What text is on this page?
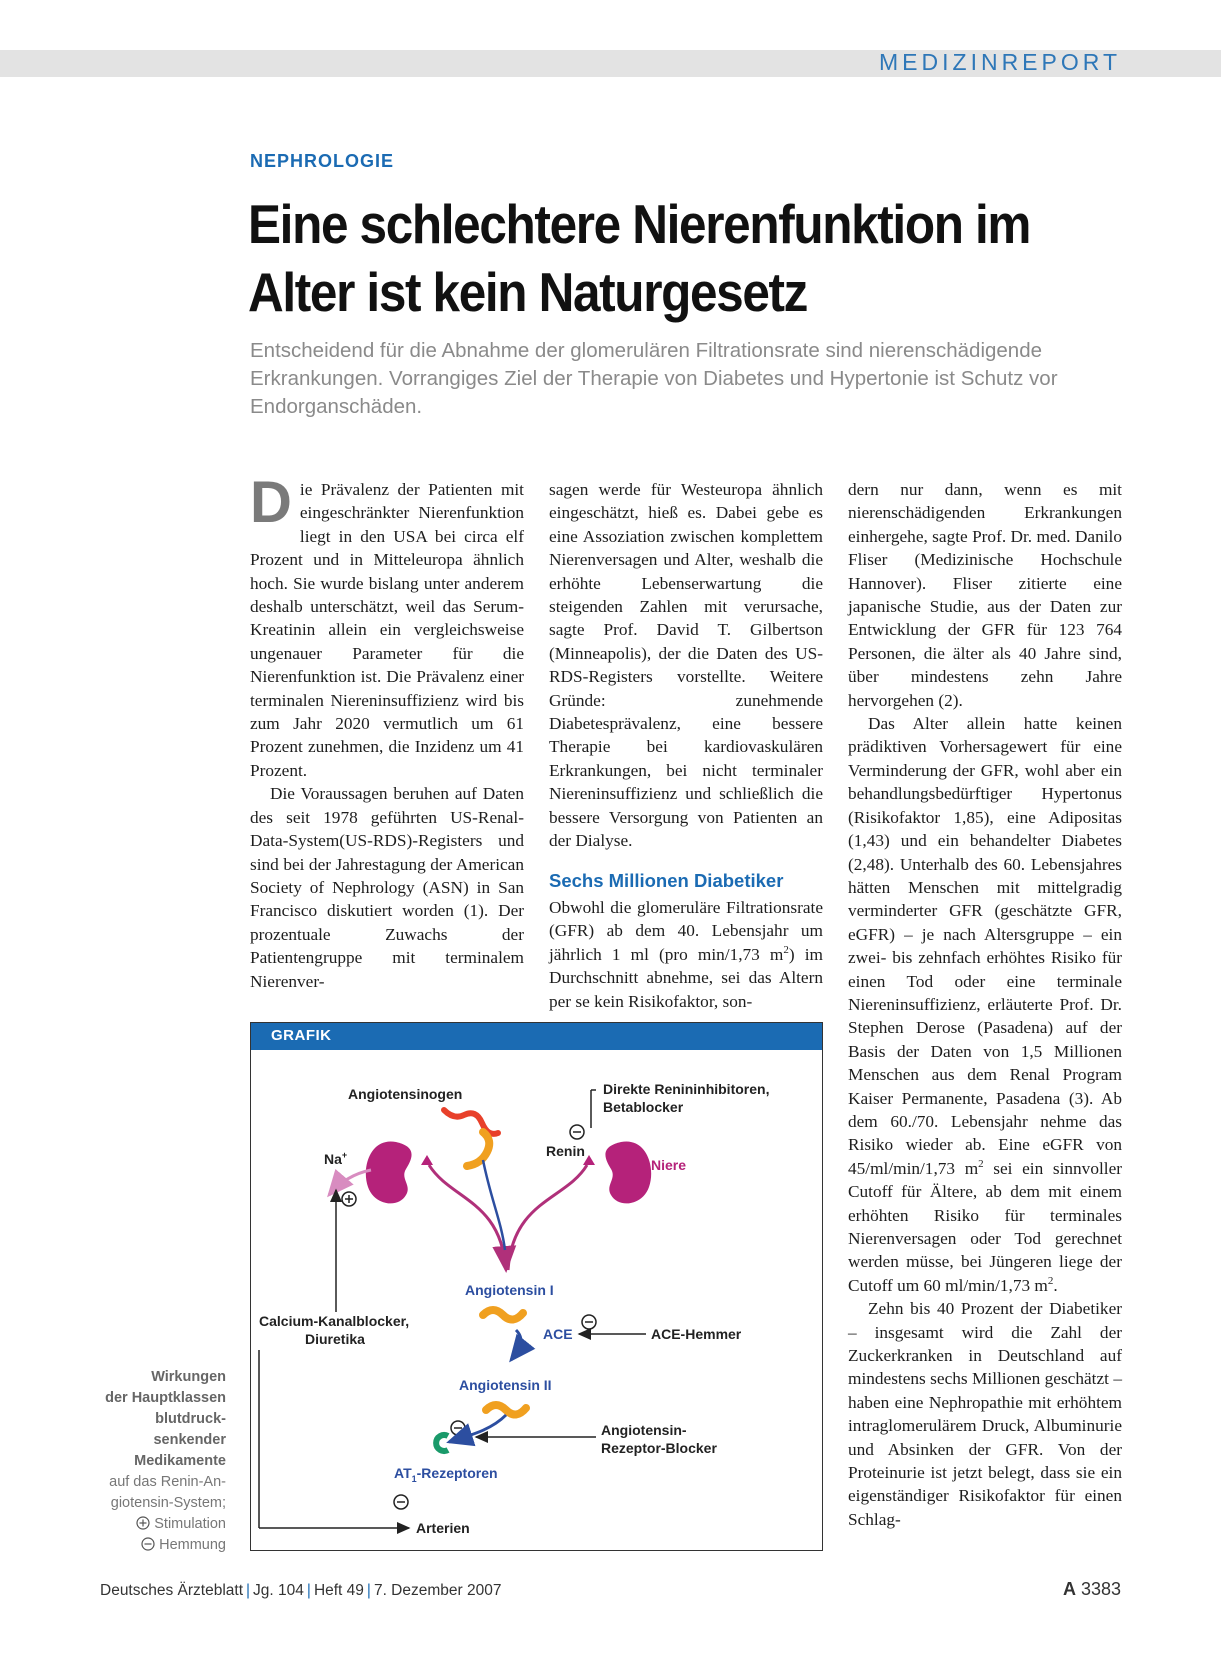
MEDIZINREPORT
NEPHROLOGIE
Eine schlechtere Nierenfunktion im Alter ist kein Naturgesetz
Entscheidend für die Abnahme der glomerulären Filtrationsrate sind nierenschädigende Erkrankungen. Vorrangiges Ziel der Therapie von Diabetes und Hypertonie ist Schutz vor Endorganschäden.

Die Prävalenz der Patienten mit eingeschränkter Nierenfunktion liegt in den USA bei circa elf Prozent und in Mitteleuropa ähnlich hoch. Sie wurde bislang unter anderem deshalb unterschätzt, weil das Serum-Kreatinin allein ein vergleichsweise ungenauer Parameter für die Nierenfunktion ist. Die Prävalenz einer terminalen Niereninsuffizienz wird bis zum Jahr 2020 vermutlich um 61 Prozent zunehmen, die Inzidenz um 41 Prozent.

Die Voraussagen beruhen auf Daten des seit 1978 geführten US-Renal-Data-System(US-RDS)-Registers und sind bei der Jahrestagung der American Society of Nephrology (ASN) in San Francisco diskutiert worden (1). Der prozentuale Zuwachs der Patientengruppe mit terminalem Nierenver-

sagen werde für Westeuropa ähnlich eingeschätzt, hieß es. Dabei gebe es eine Assoziation zwischen komplettem Nierenversagen und Alter, weshalb die erhöhte Lebenserwartung die steigenden Zahlen mit verursache, sagte Prof. David T. Gilbertson (Minneapolis), der die Daten des US-RDS-Registers vorstellte. Weitere Gründe: zunehmende Diabetesprävalenz, eine bessere Therapie bei kardiovaskulären Erkrankungen, bei nicht terminaler Niereninsuffizienz und schließlich die bessere Versorgung von Patienten an der Dialyse.

Sechs Millionen Diabetiker

Obwohl die glomeruläre Filtrationsrate (GFR) ab dem 40. Lebensjahr um jährlich 1 ml (pro min/1,73 $m^2$) im Durchschnitt abnehme, sei das Altern per se kein Risikofaktor, son-

dern nur dann, wenn es mit nierenschädigenden Erkrankungen einhergehe, sagte Prof. Dr. med. Danilo Fliser (Medizinische Hochschule Hannover). Fliser zitierte eine japanische Studie, aus der Daten zur Entwicklung der GFR für 123 764 Personen, die älter als 40 Jahre sind, über mindestens zehn Jahre hervorgehen (2).

Das Alter allein hatte keinen prädiktiven Vorhersagewert für eine Verminderung der GFR, wohl aber ein behandlungsbedürftiger Hypertonus (Risikofaktor 1,85), eine Adipositas (1,43) und ein behandelter Diabetes (2,48). Unterhalb des 60. Lebensjahres hätten Menschen mit mittelgradig verminderter GFR (geschätzte GFR, eGFR) – je nach Altersgruppe – ein zwei- bis zehnfach erhöhtes Risiko für einen Tod oder eine terminale Niereninsuffizienz, erläuterte Prof. Dr. Stephen Derose (Pasadena) auf der Basis der Daten von 1,5 Millionen Menschen aus dem Renal Program Kaiser Permanente, Pasadena (3). Ab dem 60./70. Lebensjahr nehme das Risiko wieder ab. Eine eGFR von 45/ml/min/1,73 $m^2$ sei ein sinnvoller Cutoff für Ältere, ab dem mit einem erhöhten Risiko für terminales Nierenversagen oder Tod gerechnet werden müsse, bei Jüngeren liege der Cutoff um 60 ml/min/1,73 $m^2$.

Zehn bis 40 Prozent der Diabetiker – insgesamt wird die Zahl der Zuckerkranken in Deutschland auf mindestens sechs Millionen geschätzt – haben eine Nephropathie mit erhöhtem intraglomerulärem Druck, Albuminurie und Absinken der GFR. Von der Proteinurie ist jetzt belegt, dass sie ein eigenständiger Risikofaktor für einen Schlag-

GRAFIK
Angiotensinogen	Direkte Renininhibitoren,
Betablocker
Renin
Niere
Na+
Angiotensin I
Calcium-Kanalblocker,
Diuretika	ACE	ACE-Hemmer
Angiotensin II
Angiotensin-
Rezeptor-Blocker
$AT_1$-Rezeptoren
Arterien
Wirkungen
der Hauptklassen
blutdruck-
senkender
Medikamente
auf das Renin-An-
giotensin-System;
Stimulation
Hemmung
Deutsches Ärzteblatt | Jg. 104 | Heft 49 | 7. Dezember 2007	A 3383
